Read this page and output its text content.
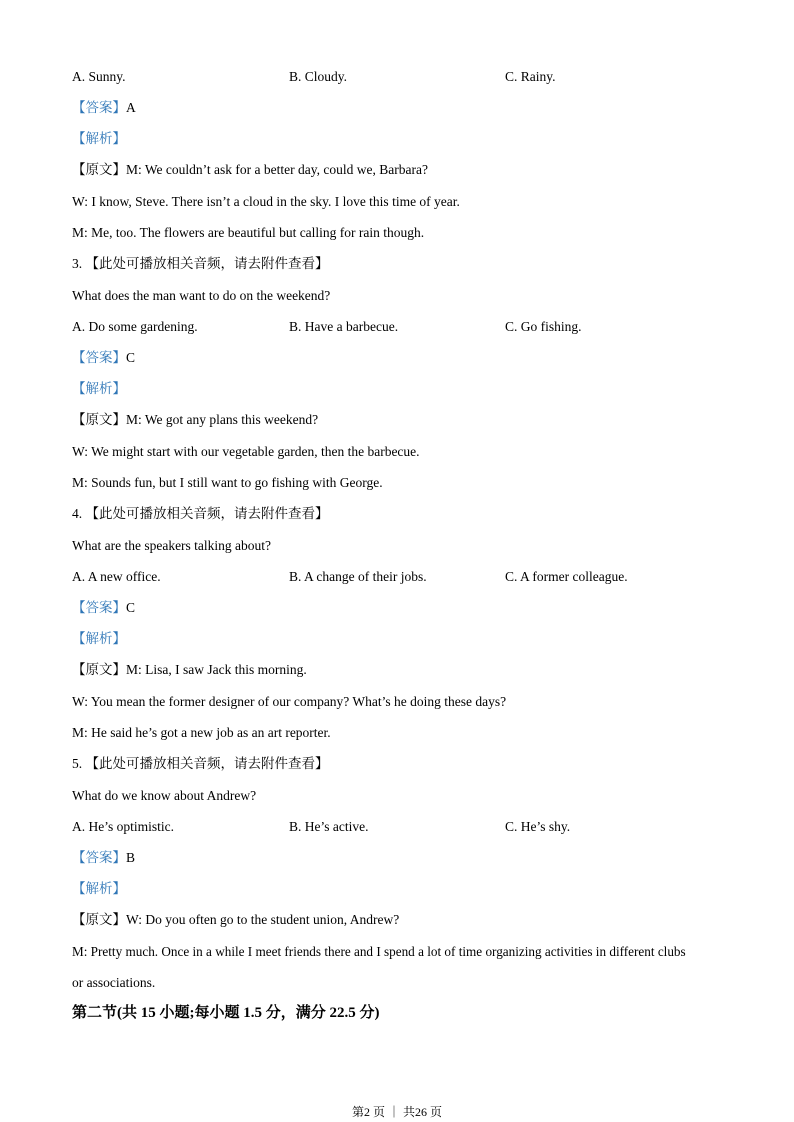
A. Sunny.	B. Cloudy.	C. Rainy.
【答案】A
【解析】
【原文】M: We couldn’t ask for a better day, could we, Barbara?
W: I know, Steve. There isn’t a cloud in the sky. I love this time of year.
M: Me, too. The flowers are beautiful but calling for rain though.
3. 【此处可播放相关音频，请去附件查看】
What does the man want to do on the weekend?
A. Do some gardening.	B. Have a barbecue.	C. Go fishing.
【答案】C
【解析】
【原文】M: We got any plans this weekend?
W: We might start with our vegetable garden, then the barbecue.
M: Sounds fun, but I still want to go fishing with George.
4. 【此处可播放相关音频，请去附件查看】
What are the speakers talking about?
A. A new office.	B. A change of their jobs.	C. A former colleague.
【答案】C
【解析】
【原文】M: Lisa, I saw Jack this morning.
W: You mean the former designer of our company? What’s he doing these days?
M: He said he’s got a new job as an art reporter.
5. 【此处可播放相关音频，请去附件查看】
What do we know about Andrew?
A. He’s optimistic.	B. He’s active.	C. He’s shy.
【答案】B
【解析】
【原文】W: Do you often go to the student union, Andrew?
M: Pretty much. Once in a while I meet friends there and I spend a lot of time organizing activities in different clubs
or associations.
第二节(共 15 小题;每小题 1.5 分，满分 22.5 分)
第2 页 ｜ 共26 页
